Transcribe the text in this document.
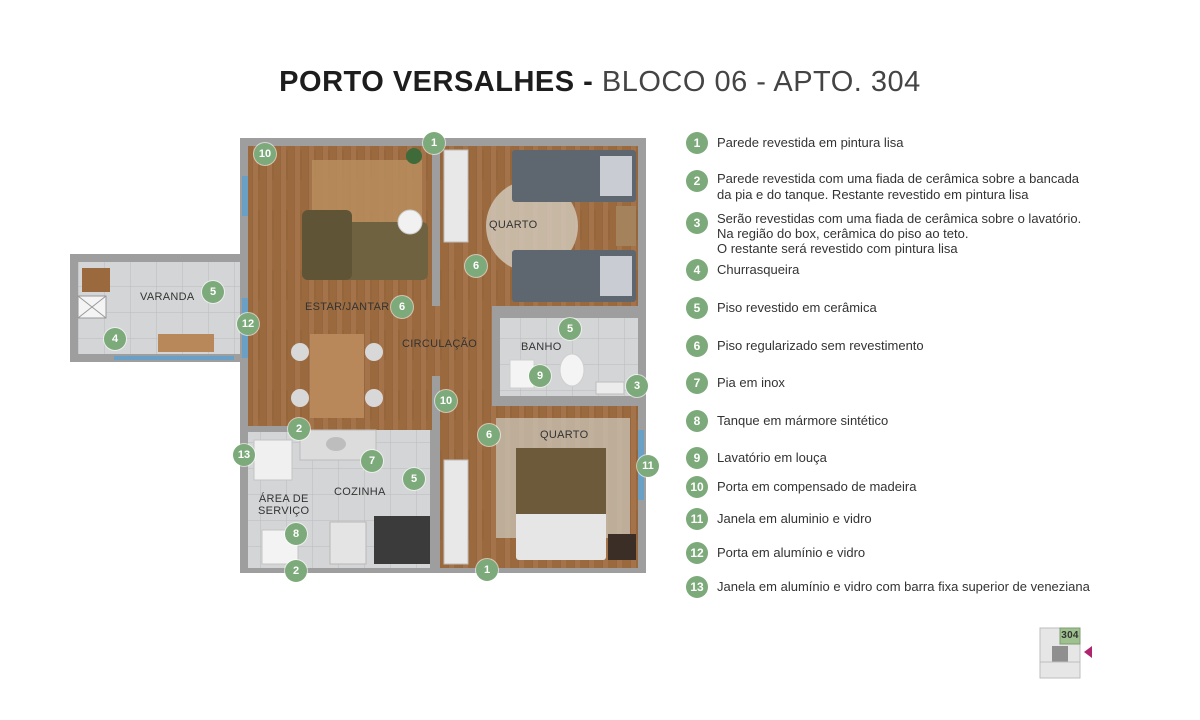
PORTO VERSALHES - BLOCO 06 - APTO. 304
VARANDA
ESTAR/JANTAR
CIRCULAÇÃO
QUARTO
BANHO
QUARTO
COZINHA
ÁREA DE
SERVIÇO
304
1
1
2
2
3
4
5
5
5
6
6
6
7
8
9
10
10
11
12
13
1	Parede revestida em pintura lisa
2	Parede revestida com uma fiada de cerâmica sobre a bancada
da pia e do tanque. Restante revestido em pintura lisa
3	Serão revestidas com uma fiada de cerâmica sobre o lavatório.
Na região do box, cerâmica do piso ao teto.
O restante será revestido com pintura lisa
4	Churrasqueira
5	Piso revestido em cerâmica
6	Piso regularizado sem revestimento
7	Pia em inox
8	Tanque em mármore sintético
9	Lavatório em louça
10	Porta em compensado de madeira
11	Janela em aluminio e vidro
12	Porta em alumínio e vidro
13	Janela em alumínio e vidro com barra fixa superior de veneziana
